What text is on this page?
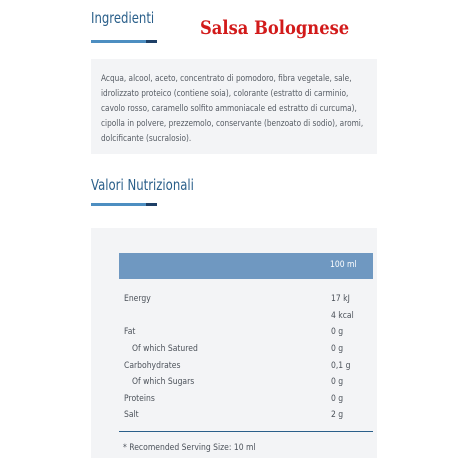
Ingredienti Salsa Bolognese
Acqua, alcool, aceto, concentrato di pomodoro, fibra vegetale, sale,
idrolizzato proteico (contiene soia), colorante (estratto di carminio,
cavolo rosso, caramello solfito ammoniacale ed estratto di curcuma),
cipolla in polvere, prezzemolo, conservante (benzoato di sodio), aromi,
dolcificante (sucralosio).
Valori Nutrizionali
100 ml
Energy	17 kJ
4 kcal
Fat	0 g
Of which Satured	0 g
Carbohydrates	0,1 g
Of which Sugars	0 g
Proteins	0 g
Salt	2 g
* Recomended Serving Size: 10 ml
